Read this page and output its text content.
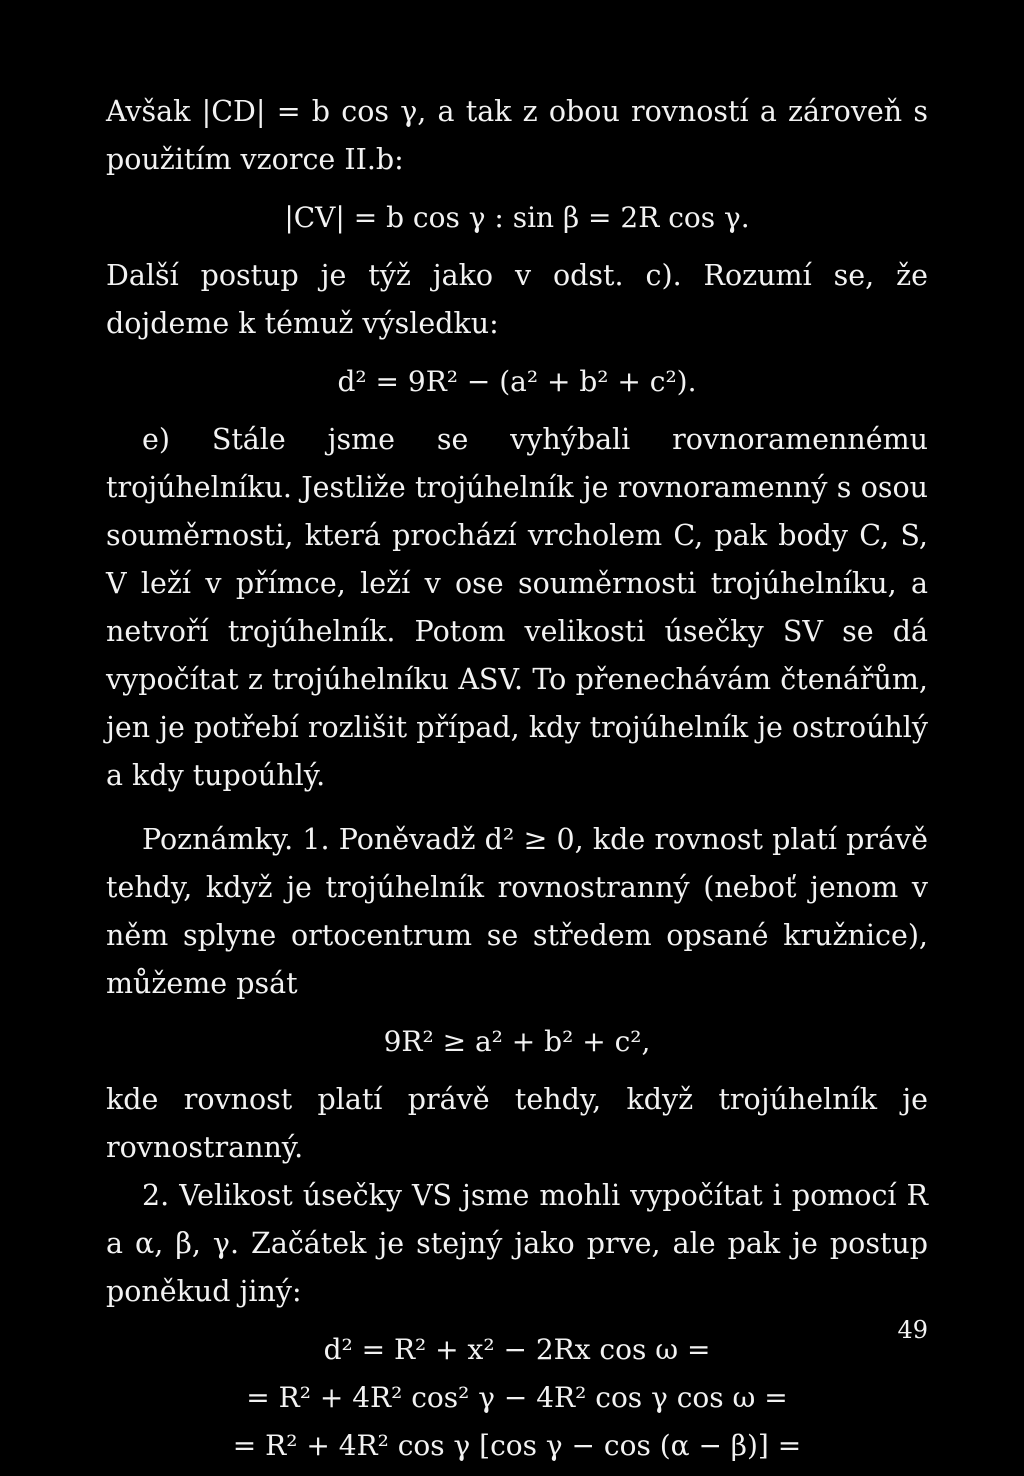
Avšak |CD| = b cos γ, a tak z obou rovností a zároveň s použitím vzorce II.b:

|CV| = b cos γ : sin β = 2R cos γ.

Další postup je týž jako v odst. c). Rozumí se, že dojdeme k témuž výsledku:

d² = 9R² − (a² + b² + c²).

e) Stále jsme se vyhýbali rovnoramennému trojúhelníku. Jestliže trojúhelník je rovnoramenný s osou souměrnosti, která prochází vrcholem C, pak body C, S, V leží v přímce, leží v ose souměrnosti trojúhelníku, a netvoří trojúhelník. Potom velikosti úsečky SV se dá vypočítat z trojúhelníku ASV. To přenechávám čtenářům, jen je potřebí rozlišit případ, kdy trojúhelník je ostroúhlý a kdy tupoúhlý.

Poznámky. 1. Poněvadž d² ≥ 0, kde rovnost platí právě tehdy, když je trojúhelník rovnostranný (neboť jenom v něm splyne ortocentrum se středem opsané kružnice), můžeme psát

9R² ≥ a² + b² + c²,

kde rovnost platí právě tehdy, když trojúhelník je rovnostranný.

2. Velikost úsečky VS jsme mohli vypočítat i pomocí R a α, β, γ. Začátek je stejný jako prve, ale pak je postup poněkud jiný:

d² = R² + x² − 2Rx cos ω =

= R² + 4R² cos² γ − 4R² cos γ cos ω =

= R² + 4R² cos γ [cos γ − cos (α − β)] =

49
